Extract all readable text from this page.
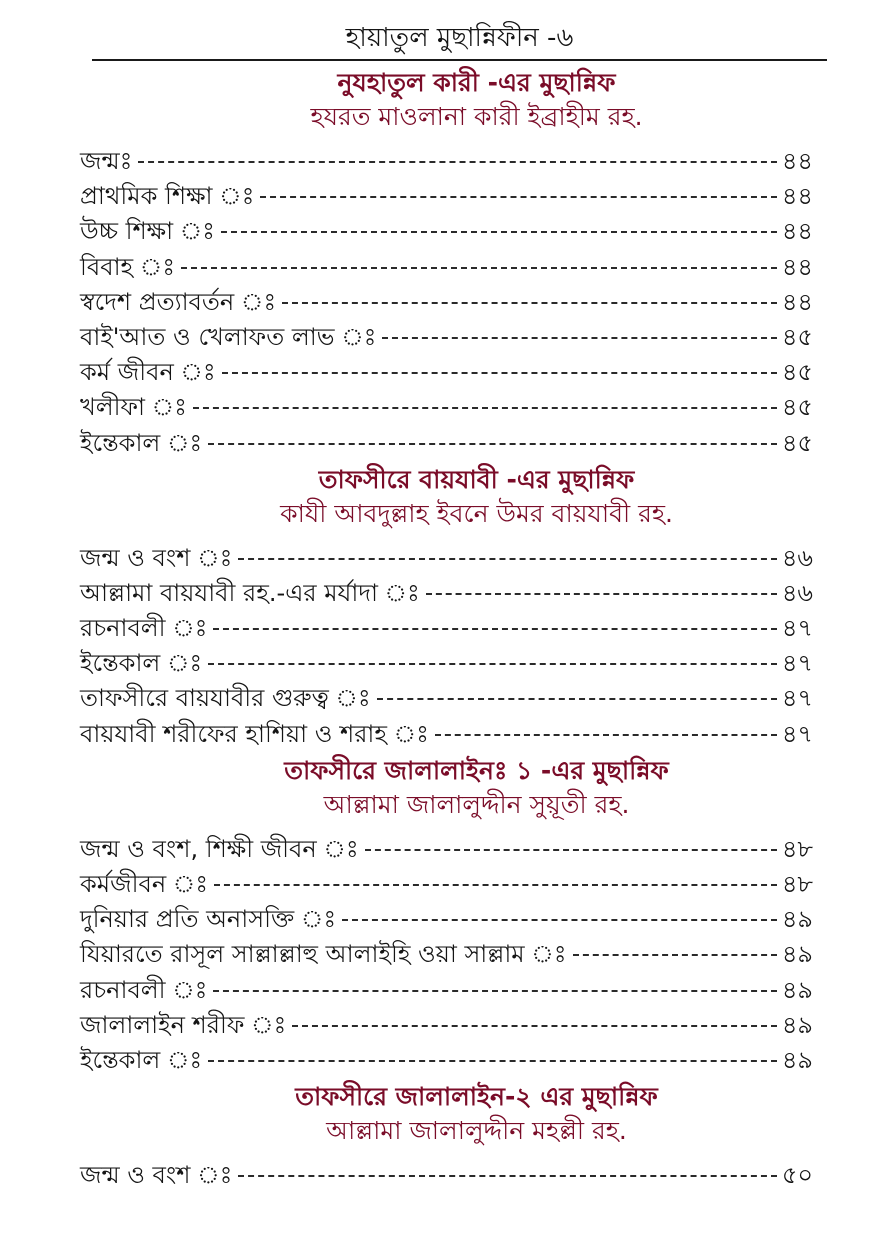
হায়াতুল মুছান্নিফীন -৬
নুযহাতুল কারী -এর মুছান্নিফ
হযরত মাওলানা কারী ইব্রাহীম রহ.
জন্মঃ	৪৪
প্রাথমিক শিক্ষা ঃ	৪৪
উচ্চ শিক্ষা ঃ	৪৪
বিবাহ ঃ	৪৪
স্বদেশ প্রত্যাবর্তন ঃ	৪৪
বাই'আত ও খেলাফত লাভ ঃ	৪৫
কর্ম জীবন ঃ	৪৫
খলীফা ঃ	৪৫
ইন্তেকাল ঃ	৪৫
তাফসীরে বায়যাবী -এর মুছান্নিফ
কাযী আবদুল্লাহ ইবনে উমর বায়যাবী রহ.
জন্ম ও বংশ ঃ	৪৬
আল্লামা বায়যাবী রহ.-এর মর্যাদা ঃ	৪৬
রচনাবলী ঃ	৪৭
ইন্তেকাল ঃ	৪৭
তাফসীরে বায়যাবীর গুরুত্ব ঃ	৪৭
বায়যাবী শরীফের হাশিয়া ও শরাহ ঃ	৪৭
তাফসীরে জালালাইনঃ ১ -এর মুছান্নিফ
আল্লামা জালালুদ্দীন সুয়ূতী রহ.
জন্ম ও বংশ, শিক্ষী জীবন ঃ	৪৮
কর্মজীবন ঃ	৪৮
দুনিয়ার প্রতি অনাসক্তি ঃ	৪৯
যিয়ারতে রাসূল সাল্লাল্লাহু আলাইহি ওয়া সাল্লাম ঃ	৪৯
রচনাবলী ঃ	৪৯
জালালাইন শরীফ ঃ	৪৯
ইন্তেকাল ঃ	৪৯
তাফসীরে জালালাইন-২ এর মুছান্নিফ
আল্লামা জালালুদ্দীন মহল্লী রহ.
জন্ম ও বংশ ঃ	৫০
